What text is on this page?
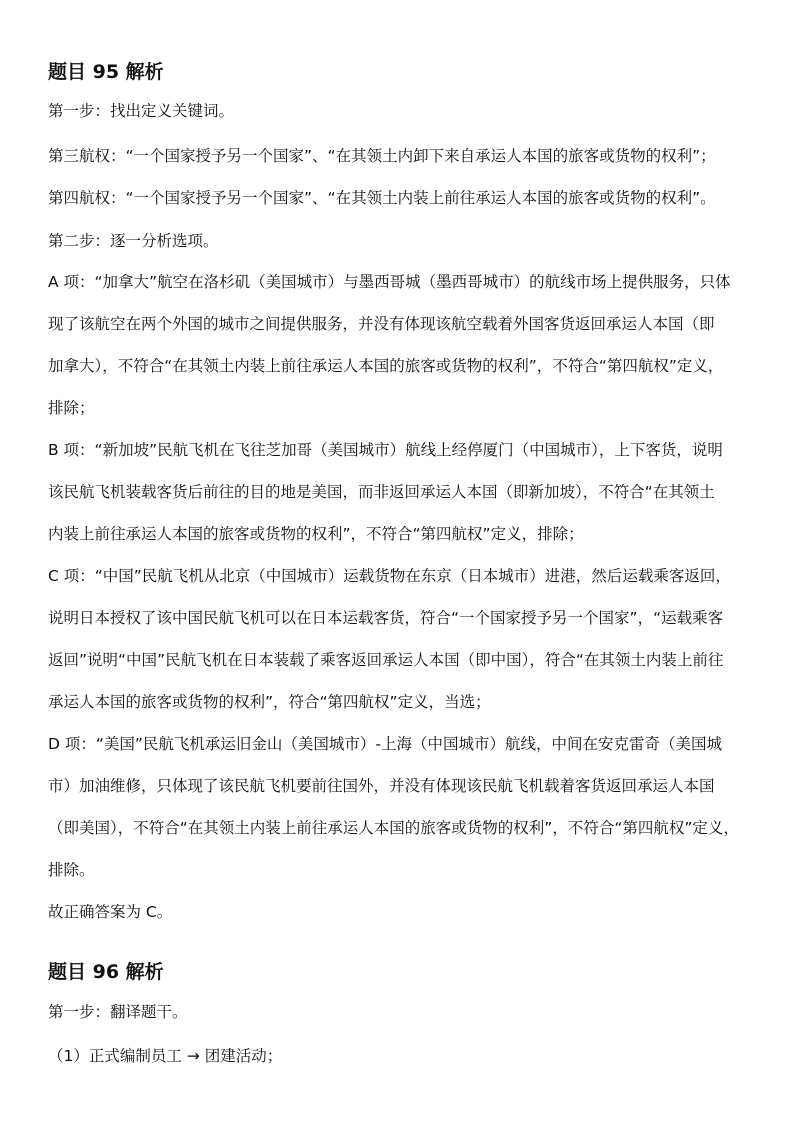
题目 95 解析
第一步：找出定义关键词。
第三航权：“一个国家授予另一个国家”、“在其领土内卸下来自承运人本国的旅客或货物的权利”；
第四航权：“一个国家授予另一个国家”、“在其领土内装上前往承运人本国的旅客或货物的权利”。
第二步：逐一分析选项。
A 项：“加拿大”航空在洛杉矶（美国城市）与墨西哥城（墨西哥城市）的航线市场上提供服务，只体
现了该航空在两个外国的城市之间提供服务，并没有体现该航空载着外国客货返回承运人本国（即
加拿大），不符合“在其领土内装上前往承运人本国的旅客或货物的权利”，不符合“第四航权”定义，
排除；
B 项：“新加坡”民航飞机在飞往芝加哥（美国城市）航线上经停厦门（中国城市），上下客货，说明
该民航飞机装载客货后前往的目的地是美国，而非返回承运人本国（即新加坡），不符合“在其领土
内装上前往承运人本国的旅客或货物的权利”，不符合“第四航权”定义，排除；
C 项：“中国”民航飞机从北京（中国城市）运载货物在东京（日本城市）进港，然后运载乘客返回，
说明日本授权了该中国民航飞机可以在日本运载客货，符合“一个国家授予另一个国家”，“运载乘客
返回”说明“中国”民航飞机在日本装载了乘客返回承运人本国（即中国），符合“在其领土内装上前往
承运人本国的旅客或货物的权利”，符合“第四航权”定义，当选；
D 项：“美国”民航飞机承运旧金山（美国城市）-上海（中国城市）航线，中间在安克雷奇（美国城
市）加油维修，只体现了该民航飞机要前往国外，并没有体现该民航飞机载着客货返回承运人本国
（即美国），不符合“在其领土内装上前往承运人本国的旅客或货物的权利”，不符合“第四航权”定义，
排除。
故正确答案为 C。
题目 96 解析
第一步：翻译题干。
（1）正式编制员工 → 团建活动；
